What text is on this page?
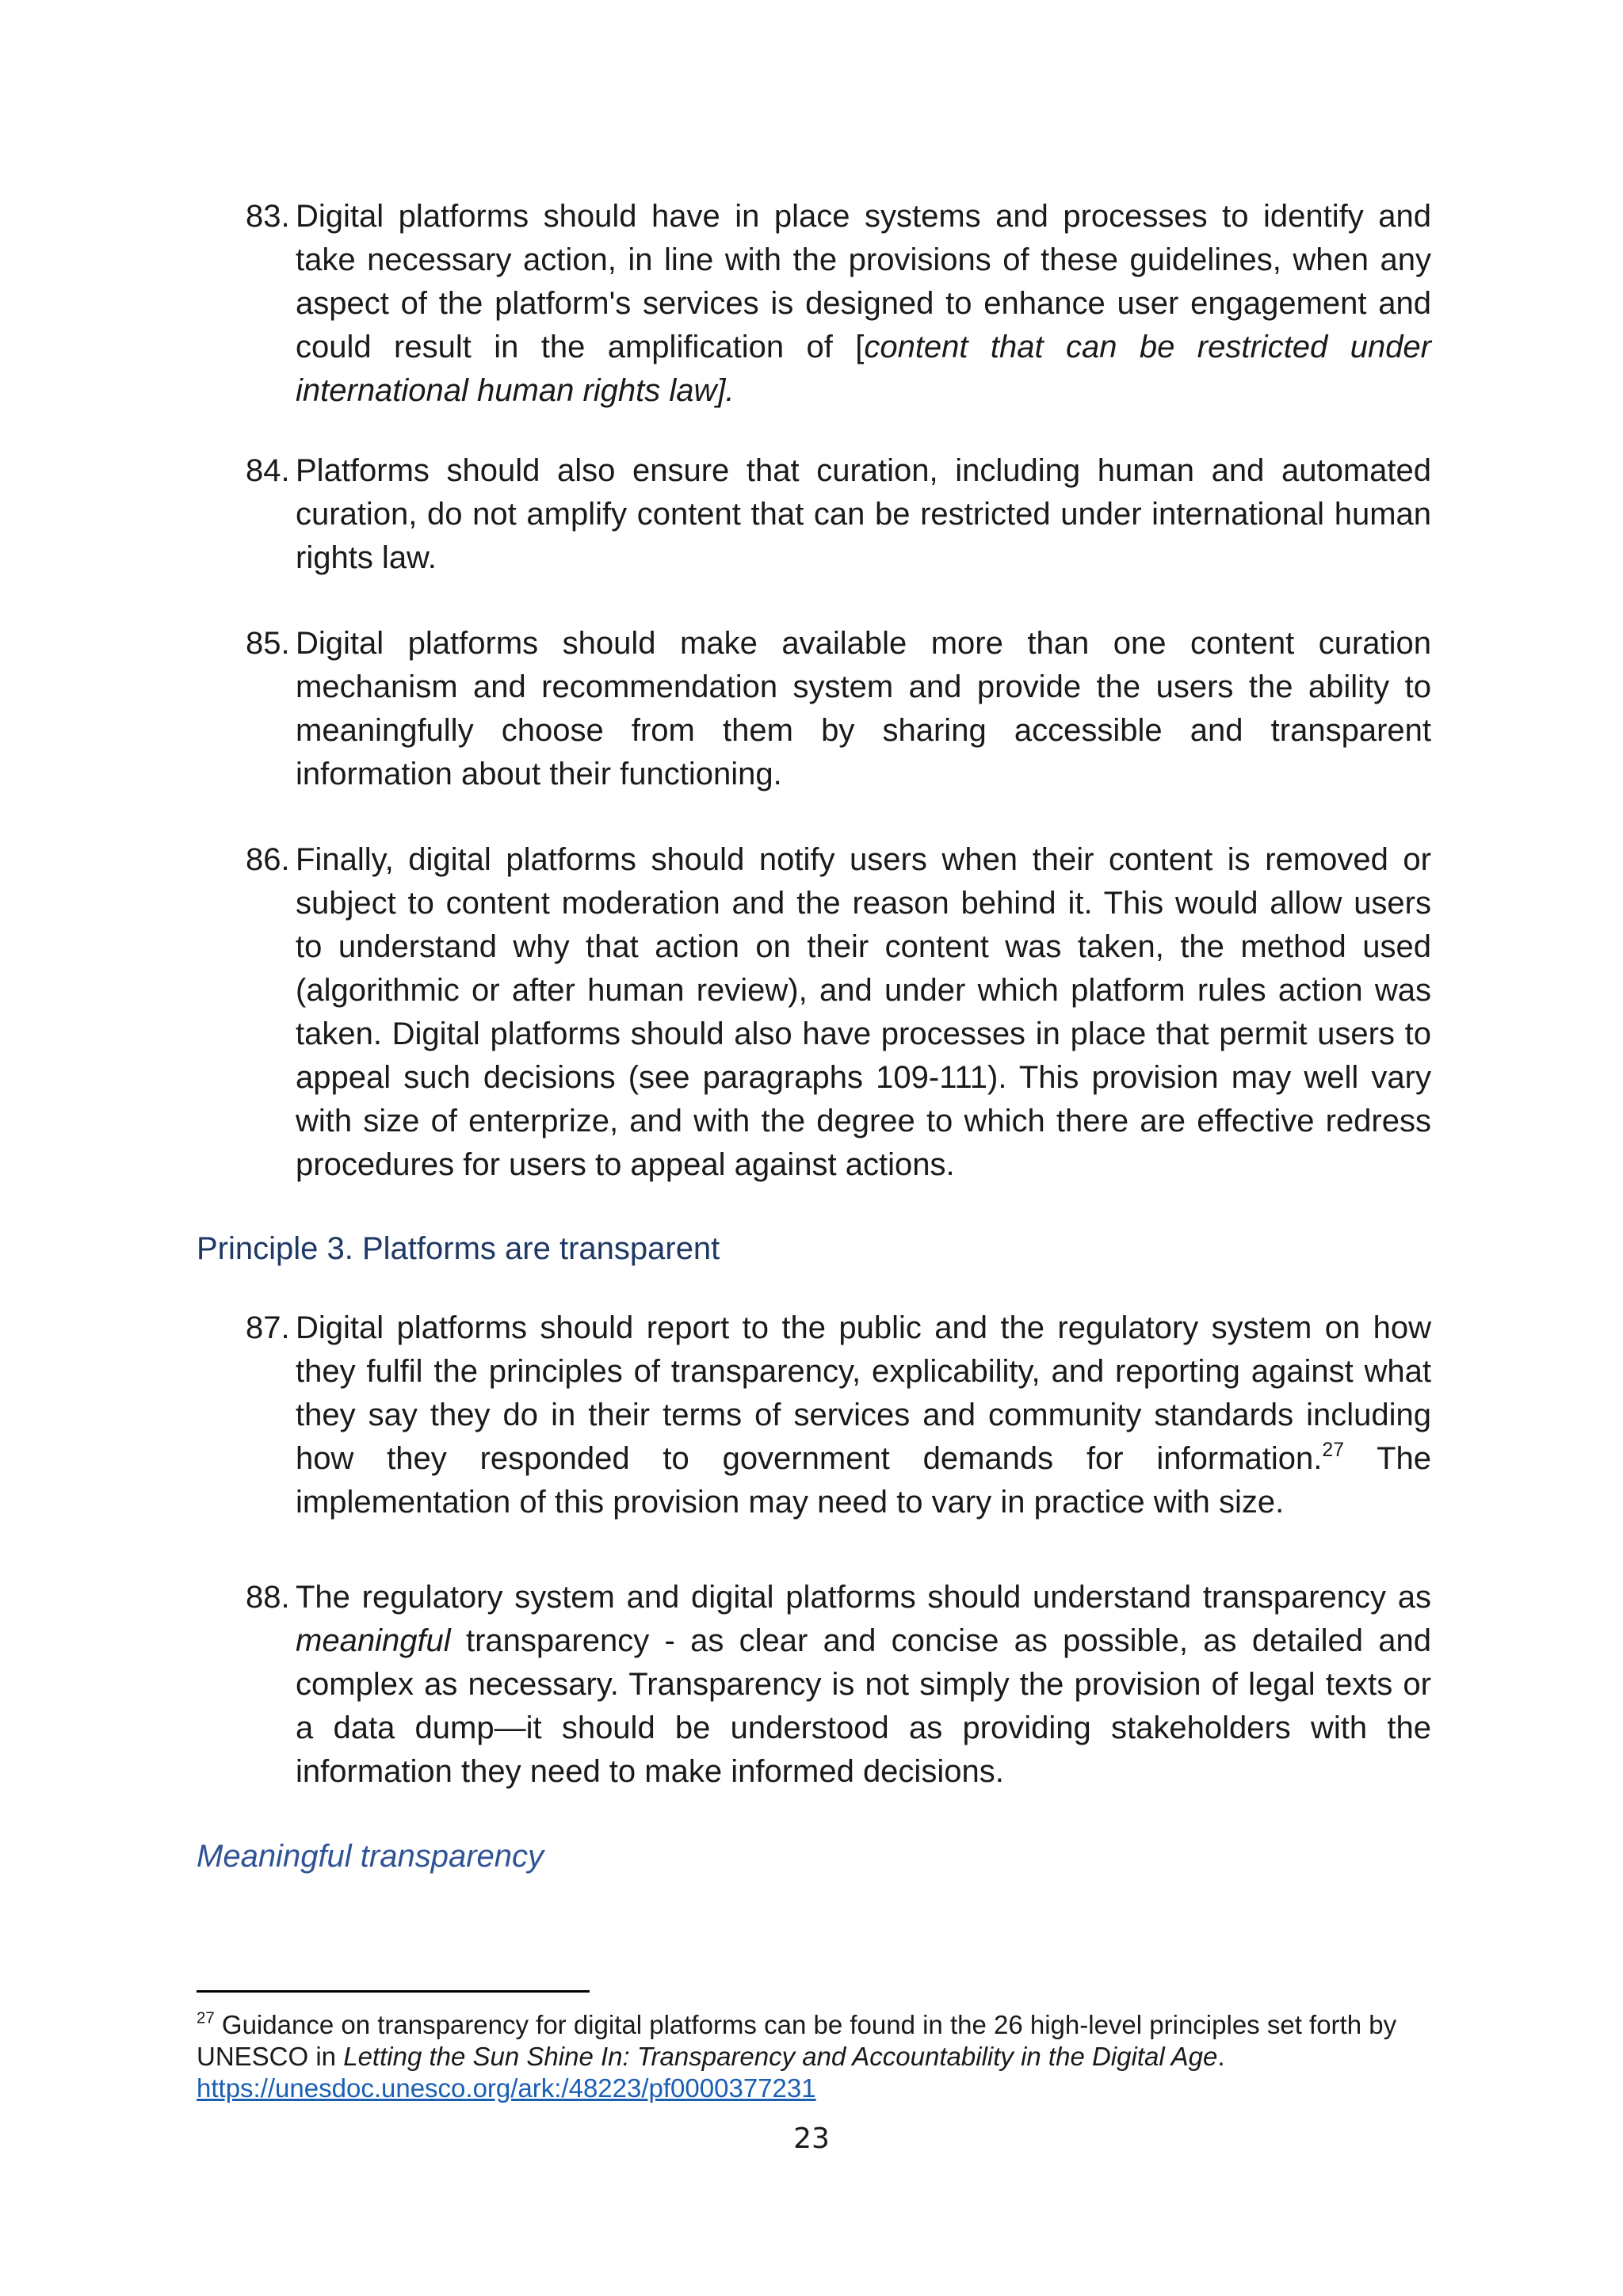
83. Digital platforms should have in place systems and processes to identify and take necessary action, in line with the provisions of these guidelines, when any aspect of the platform's services is designed to enhance user engagement and could result in the amplification of [content that can be restricted under international human rights law].
84. Platforms should also ensure that curation, including human and automated curation, do not amplify content that can be restricted under international human rights law.
85. Digital platforms should make available more than one content curation mechanism and recommendation system and provide the users the ability to meaningfully choose from them by sharing accessible and transparent information about their functioning.
86. Finally, digital platforms should notify users when their content is removed or subject to content moderation and the reason behind it. This would allow users to understand why that action on their content was taken, the method used (algorithmic or after human review), and under which platform rules action was taken. Digital platforms should also have processes in place that permit users to appeal such decisions (see paragraphs 109-111). This provision may well vary with size of enterprize, and with the degree to which there are effective redress procedures for users to appeal against actions.
Principle 3. Platforms are transparent
87. Digital platforms should report to the public and the regulatory system on how they fulfil the principles of transparency, explicability, and reporting against what they say they do in their terms of services and community standards including how they responded to government demands for information.$^{27}$ The implementation of this provision may need to vary in practice with size.
88. The regulatory system and digital platforms should understand transparency as meaningful transparency - as clear and concise as possible, as detailed and complex as necessary. Transparency is not simply the provision of legal texts or a data dump—it should be understood as providing stakeholders with the information they need to make informed decisions.
Meaningful transparency
$^{27}$ Guidance on transparency for digital platforms can be found in the 26 high-level principles set forth by UNESCO in Letting the Sun Shine In: Transparency and Accountability in the Digital Age.
https://unesdoc.unesco.org/ark:/48223/pf0000377231
23
